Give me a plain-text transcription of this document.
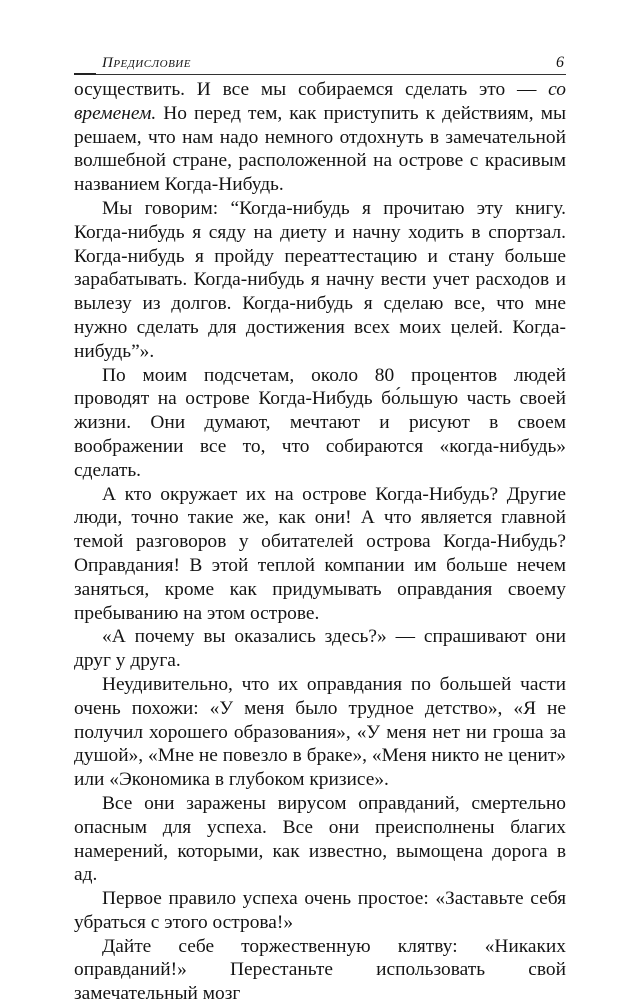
Предисловие	6

осуществить. И все мы собираемся сделать это — со временем. Но перед тем, как приступить к действиям, мы решаем, что нам надо немного отдохнуть в замечательной волшебной стране, расположенной на острове с красивым названием Когда-Нибудь.

Мы говорим: “Когда-нибудь я прочитаю эту книгу. Когда-нибудь я сяду на диету и начну ходить в спортзал. Когда-нибудь я пройду переаттестацию и стану больше зарабатывать. Когда-нибудь я начну вести учет расходов и вылезу из долгов. Когда-нибудь я сделаю все, что мне нужно сделать для достижения всех моих целей. Когда-нибудь”».

По моим подсчетам, около 80 процентов людей проводят на острове Когда-Нибудь бо́льшую часть своей жизни. Они думают, мечтают и рисуют в своем воображении все то, что собираются «когда-нибудь» сделать.

А кто окружает их на острове Когда-Нибудь? Другие люди, точно такие же, как они! А что является главной темой разговоров у обитателей острова Когда-Нибудь? Оправдания! В этой теплой компании им больше нечем заняться, кроме как придумывать оправдания своему пребыванию на этом острове.

«А почему вы оказались здесь?» — спрашивают они друг у друга.

Неудивительно, что их оправдания по большей части очень похожи: «У меня было трудное детство», «Я не получил хорошего образования», «У меня нет ни гроша за душой», «Мне не повезло в браке», «Меня никто не ценит» или «Экономика в глубоком кризисе».

Все они заражены вирусом оправданий, смертельно опасным для успеха. Все они преисполнены благих намерений, которыми, как известно, вымощена дорога в ад.

Первое правило успеха очень простое: «Заставьте себя убраться с этого острова!»

Дайте себе торжественную клятву: «Никаких оправданий!» Перестаньте использовать свой замечательный мозг
